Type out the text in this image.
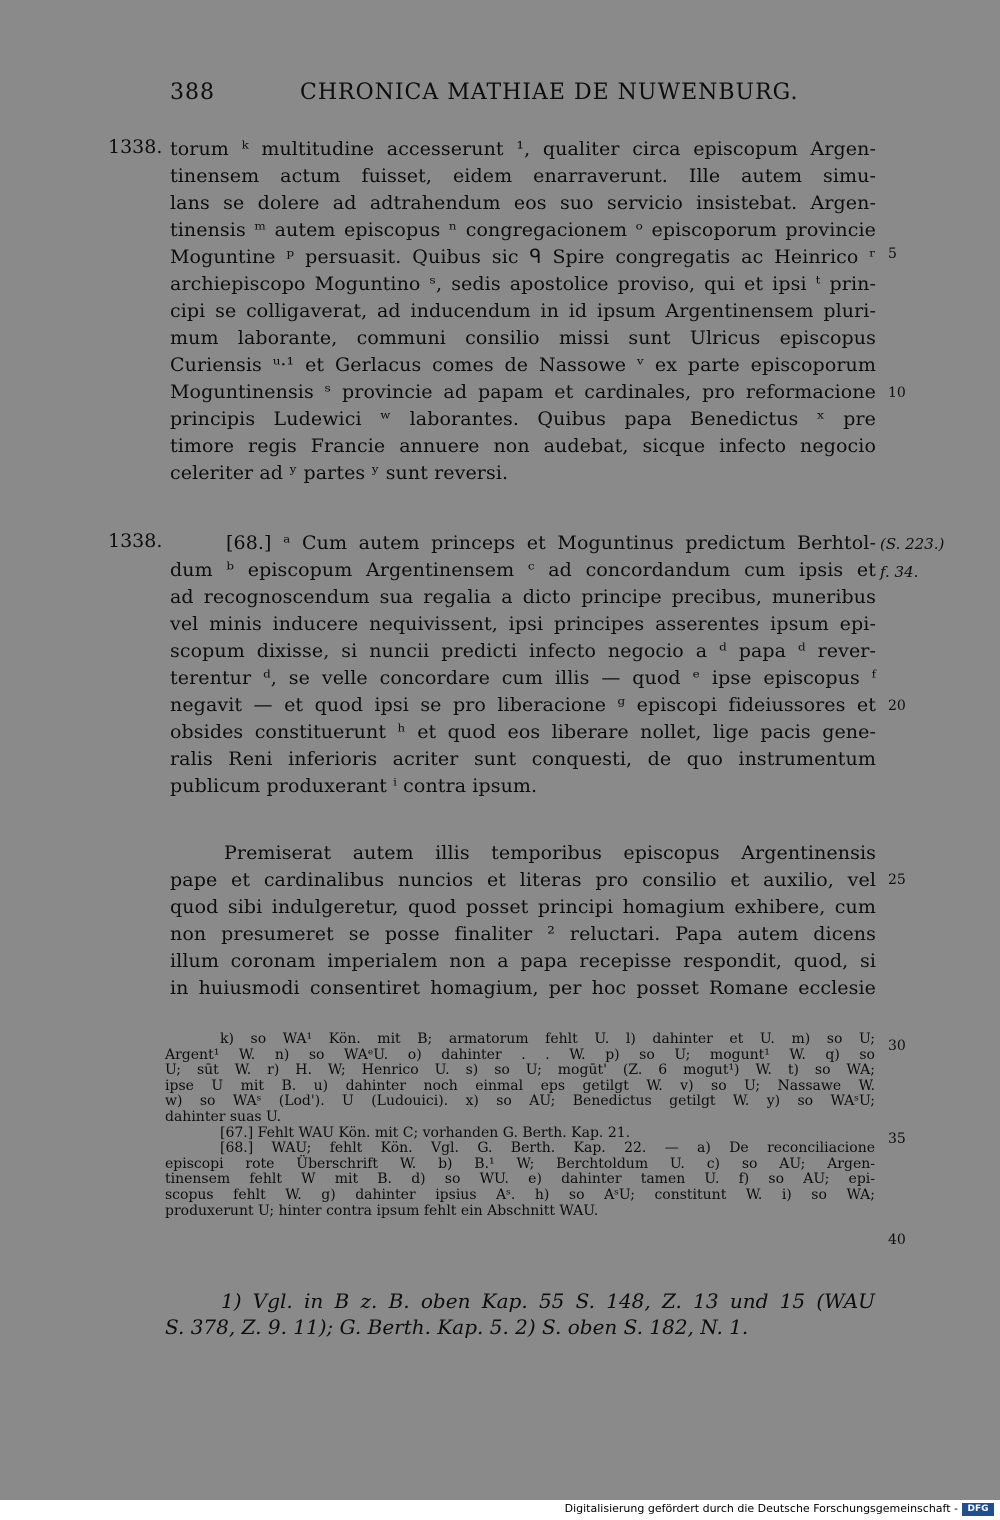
388	CHRONICA MATHIAE DE NUWENBURG.
1338. torum ᵏ multitudine accesserunt ¹, qualiter circa episcopum Argen-
tinensem actum fuisset, eidem enarraverunt. Ille autem simu-
lans se dolere ad adtrahendum eos suo servicio insistebat. Argen-
tinensis ᵐ autem episcopus ⁿ congregacionem ᵒ episcoporum provincie
Moguntine ᵖ persuasit. Quibus sic ᑫ Spire congregatis ac Heinrico ʳ
archiepiscopo Moguntino ˢ, sedis apostolice proviso, qui et ipsi ᵗ prin-
cipi se colligaverat, ad inducendum in id ipsum Argentinensem pluri-
mum laborante, communi consilio missi sunt Ulricus episcopus
Curiensis ᵘ·¹ et Gerlacus comes de Nassowe ᵛ ex parte episcoporum
Moguntinensis ˢ provincie ad papam et cardinales, pro reformacione
principis Ludewici ʷ laborantes. Quibus papa Benedictus ˣ pre
timore regis Francie annuere non audebat, sicque infecto negocio
celeriter ad ʸ partes ʸ sunt reversi.
5
10
1338.	[68.] ᵃ Cum autem princeps et Moguntinus predictum Berhtol-
dum ᵇ episcopum Argentinensem ᶜ ad concordandum cum ipsis et
ad recognoscendum sua regalia a dicto principe precibus, muneribus
vel minis inducere nequivissent, ipsi principes asserentes ipsum epi-
scopum dixisse, si nuncii predicti infecto negocio a ᵈ papa ᵈ rever-
terentur ᵈ, se velle concordare cum illis — quod ᵉ ipse episcopus ᶠ
negavit — et quod ipsi se pro liberacione ᵍ episcopi fideiussores et
obsides constituerunt ʰ et quod eos liberare nollet, lige pacis gene-
ralis Reni inferioris acriter sunt conquesti, de quo instrumentum
publicum produxerant ⁱ contra ipsum.
(S. 223.)
f. 34.
20
Premiserat autem illis temporibus episcopus Argentinensis
pape et cardinalibus nuncios et literas pro consilio et auxilio, vel
quod sibi indulgeretur, quod posset principi homagium exhibere, cum
non presumeret se posse finaliter ² reluctari. Papa autem dicens
illum coronam imperialem non a papa recepisse respondit, quod, si
in huiusmodi consentiret homagium, per hoc posset Romane ecclesie
25
k) so WA¹ Kön. mit B; armatorum fehlt U. l) dahinter et U. m) so U;
Argent¹ W. n) so WAᵉU. o) dahinter . . W. p) so U; mogunt¹ W. q) so
U; sūt W. r) H. W; Henrico U. s) so U; mogūt' (Z. 6 mogut¹) W. t) so WA;
ipse U mit B. u) dahinter noch einmal eps getilgt W. v) so U; Nassawe W.
w) so WAˢ (Lod'). U (Ludouici). x) so AU; Benedictus getilgt W. y) so WAˢU;
dahinter suas U.
[67.] Fehlt WAU Kön. mit C; vorhanden G. Berth. Kap. 21.
[68.] WAU; fehlt Kön. Vgl. G. Berth. Kap. 22. — a) De reconciliacione
episcopi rote Überschrift W. b) B.¹ W; Berchtoldum U. c) so AU; Argen-
tinensem fehlt W mit B. d) so WU. e) dahinter tamen U. f) so AU; epi-
scopus fehlt W. g) dahinter ipsius Aˢ. h) so AˢU; constitunt W. i) so WA;
produxerunt U; hinter contra ipsum fehlt ein Abschnitt WAU.
30
35
40
1) Vgl. in B z. B. oben Kap. 55 S. 148, Z. 13 und 15 (WAU
S. 378, Z. 9. 11); G. Berth. Kap. 5. 2) S. oben S. 182, N. 1.
Digitalisierung gefördert durch die Deutsche Forschungsgemeinschaft -	DFG
